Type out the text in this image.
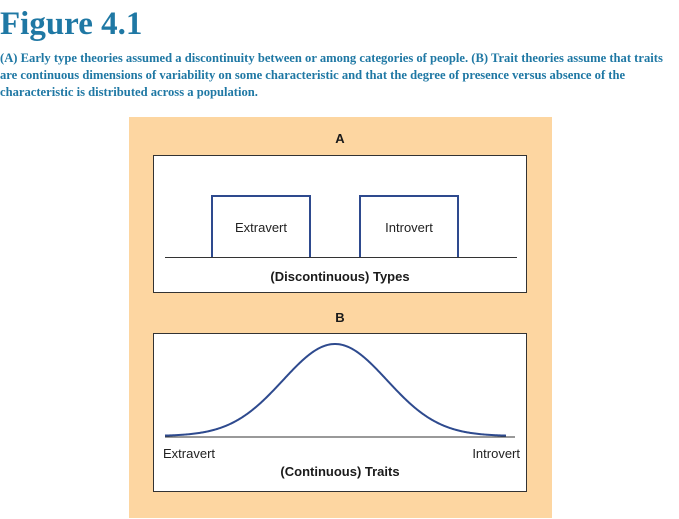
Figure 4.1

(A) Early type theories assumed a discontinuity between or among categories of people. (B) Trait theories assume that traits are continuous dimensions of variability on some characteristic and that the degree of presence versus absence of the characteristic is distributed across a population.

A
Extravert	Introvert
(Discontinuous) Types
B
Extravert	Introvert
(Continuous) Traits
